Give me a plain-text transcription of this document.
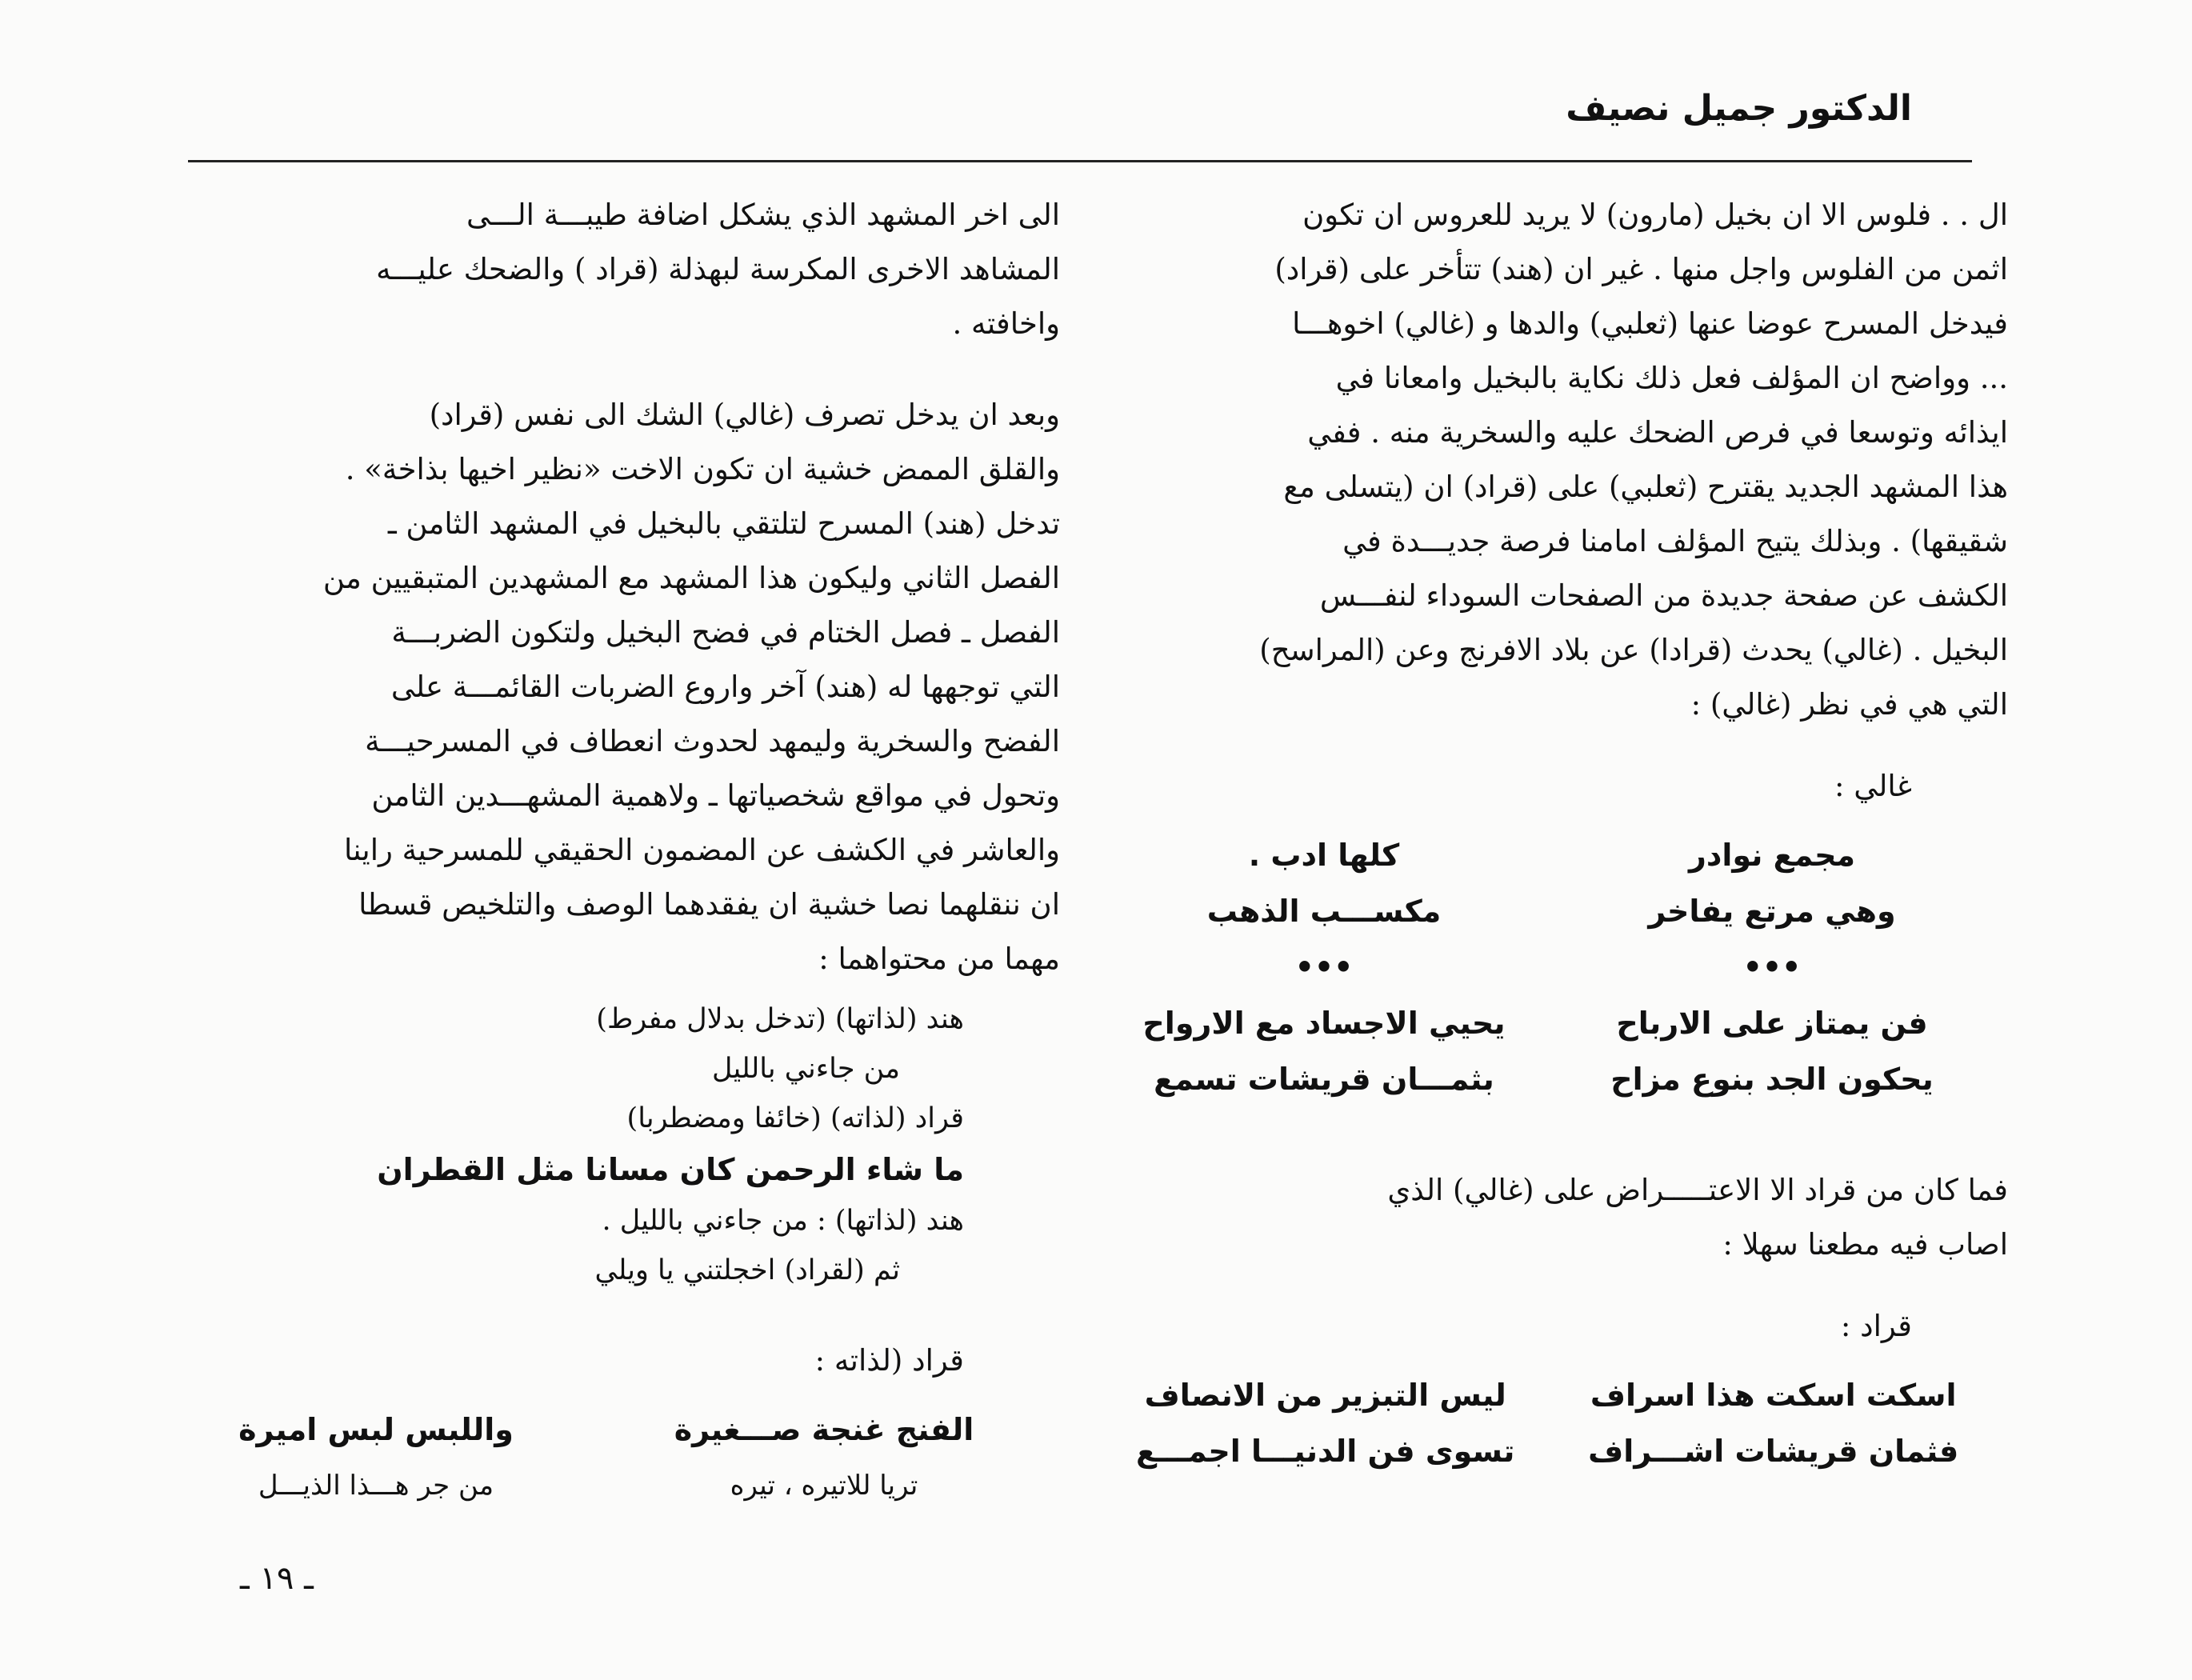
الدكتور جميل نصيف

ال . . فلوس الا ان بخيل (مارون) لا يريد للعروس ان تكون

اثمن من الفلوس واجل منها . غير ان (هند) تتأخر على (قراد)

فيدخل المسرح عوضا عنها (ثعلبي) والدها و (غالي) اخوهـــا

... وواضح ان المؤلف فعل ذلك نكاية بالبخيل وامعانا في

ايذائه وتوسعا في فرص الضحك عليه والسخرية منه . ففي

هذا المشهد الجديد يقترح (ثعلبي) على (قراد) ان (يتسلى مع

شقيقها) . وبذلك يتيح المؤلف امامنا فرصة جديـــدة في

الكشف عن صفحة جديدة من الصفحات السوداء لنفـــس

البخيل . (غالي) يحدث (قرادا) عن بلاد الافرنج وعن (المراسح)

التي هي في نظر (غالي) :

غالي :
مجمع نوادر
كلها ادب .
وهي مرتع يفاخر
مكســـب الذهب
•••
•••
فن يمتاز على الارباح
يحيي الاجساد مع الارواح
يحكون الجد بنوع مزاح
بثمـــان قريشات تسمع

فما كان من قراد الا الاعتـــــراض على (غالي) الذي

اصاب فيه مطعنا سهلا :

قراد :
اسكت اسكت هذا اسراف
ليس التبزير من الانصاف
فثمان قريشات اشـــراف
تسوى فن الدنيـــا اجمـــع

الى اخر المشهد الذي يشكل اضافة طيبـــة الـــى

المشاهد الاخرى المكرسة لبهذلة (قراد ) والضحك عليـــه

واخافته .

وبعد ان يدخل تصرف (غالي) الشك الى نفس (قراد)

والقلق الممض خشية ان تكون الاخت «نظير اخيها بذاخة» .

تدخل (هند) المسرح لتلتقي بالبخيل في المشهد الثامن ـ

الفصل الثاني وليكون هذا المشهد مع المشهدين المتبقيين من

الفصل ـ فصل الختام في فضح البخيل ولتكون الضربـــة

التي توجهها له (هند) آخر واروع الضربات القائمـــة على

الفضح والسخرية وليمهد لحدوث انعطاف في المسرحيـــة

وتحول في مواقع شخصياتها ـ ولاهمية المشهـــدين الثامن

والعاشر في الكشف عن المضمون الحقيقي للمسرحية راينا

ان ننقلهما نصا خشية ان يفقدهما الوصف والتلخيص قسطا

مهما من محتواهما :

هند (لذاتها) (تدخل بدلال مفرط)
من جاءني بالليل
قراد (لذاته) (خائفا ومضطربا)
ما شاء الرحمن كان مسانا مثل القطران
هند (لذاتها) : من جاءني بالليل .
ثم (لقراد) اخجلتني يا ويلي
قراد (لذاته :
الفنج غنجة صـــغيرة
واللبس لبس اميرة
تريا للاتيره ، تيره
من جر هـــذا الذيـــل
ـ ١٩ ـ
